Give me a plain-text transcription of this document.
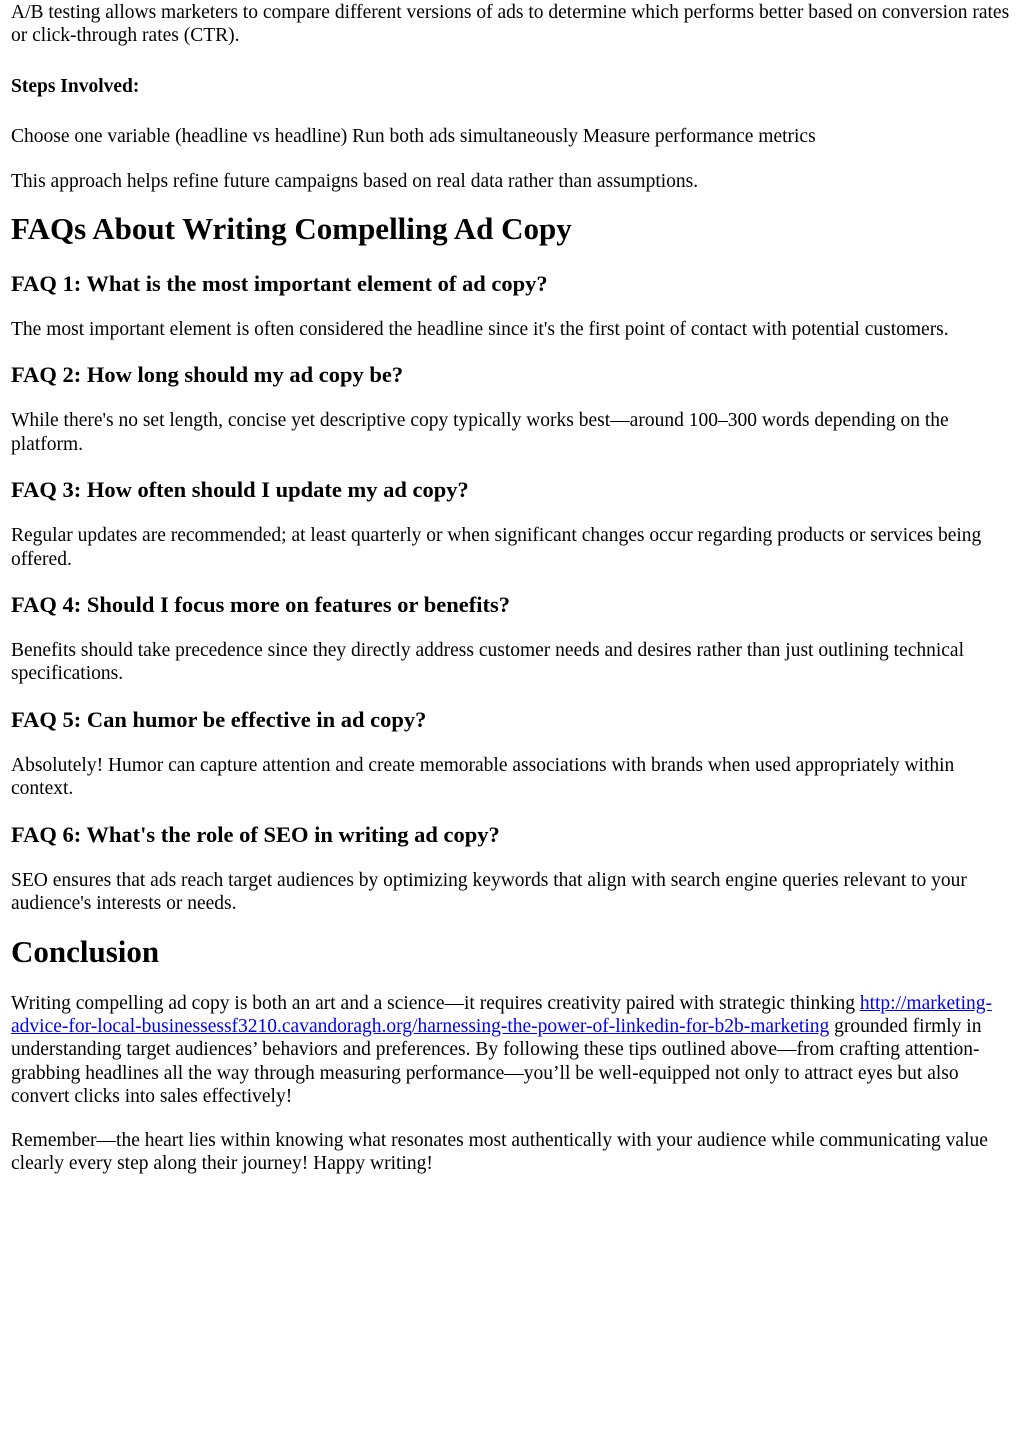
A/B testing allows marketers to compare different versions of ads to determine which performs better based on conversion rates or click-through rates (CTR).

Steps Involved:

Choose one variable (headline vs headline) Run both ads simultaneously Measure performance metrics

This approach helps refine future campaigns based on real data rather than assumptions.

FAQs About Writing Compelling Ad Copy
FAQ 1: What is the most important element of ad copy?

The most important element is often considered the headline since it's the first point of contact with potential customers.

FAQ 2: How long should my ad copy be?

While there's no set length, concise yet descriptive copy typically works best—around 100–300 words depending on the platform.

FAQ 3: How often should I update my ad copy?

Regular updates are recommended; at least quarterly or when significant changes occur regarding products or services being offered.

FAQ 4: Should I focus more on features or benefits?

Benefits should take precedence since they directly address customer needs and desires rather than just outlining technical specifications.

FAQ 5: Can humor be effective in ad copy?

Absolutely! Humor can capture attention and create memorable associations with brands when used appropriately within context.

FAQ 6: What's the role of SEO in writing ad copy?

SEO ensures that ads reach target audiences by optimizing keywords that align with search engine queries relevant to your audience's interests or needs.

Conclusion

Writing compelling ad copy is both an art and a science—it requires creativity paired with strategic thinking http://marketing-advice-for-local-businessessf3210.cavandoragh.org/harnessing-the-power-of-linkedin-for-b2b-marketing grounded firmly in understanding target audiences’ behaviors and preferences. By following these tips outlined above—from crafting attention-grabbing headlines all the way through measuring performance—you’ll be well-equipped not only to attract eyes but also convert clicks into sales effectively!

Remember—the heart lies within knowing what resonates most authentically with your audience while communicating value clearly every step along their journey! Happy writing!
